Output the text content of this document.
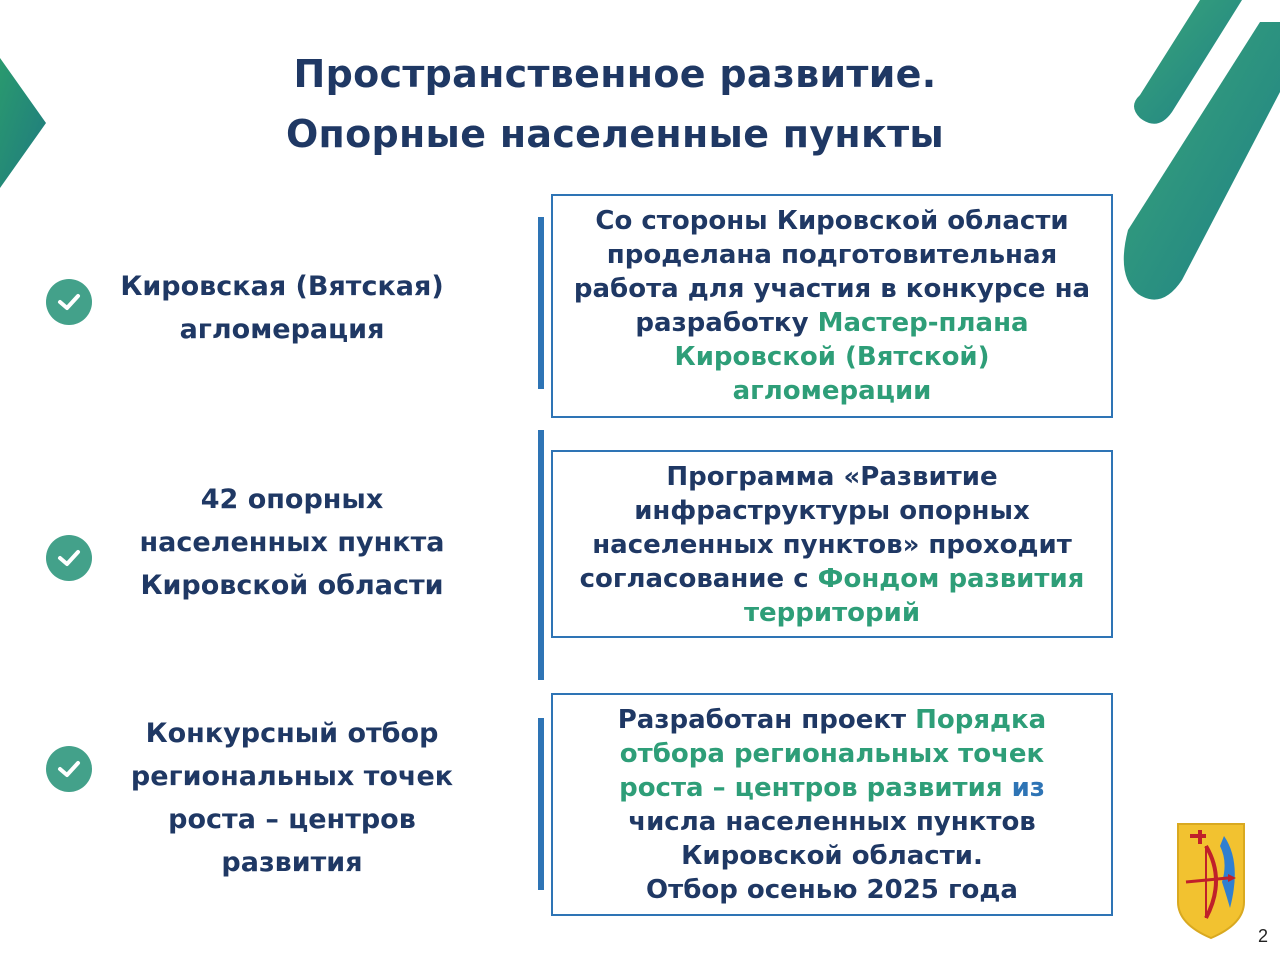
Пространственное развитие.
Опорные населенные пункты
Кировская (Вятская)
агломерация
Со стороны Кировской области
проделана подготовительная
работа для участия в конкурсе на
разработку Мастер-плана
Кировской (Вятской)
агломерации
42 опорных
населенных пункта
Кировской области
Программа «Развитие
инфраструктуры опорных
населенных пунктов» проходит
согласование с Фондом развития
территорий
Конкурсный отбор
региональных точек
роста – центров
развития
Разработан проект Порядка
отбора региональных точек
роста – центров развития из
числа населенных пунктов
Кировской области.
Отбор осенью 2025 года
2
